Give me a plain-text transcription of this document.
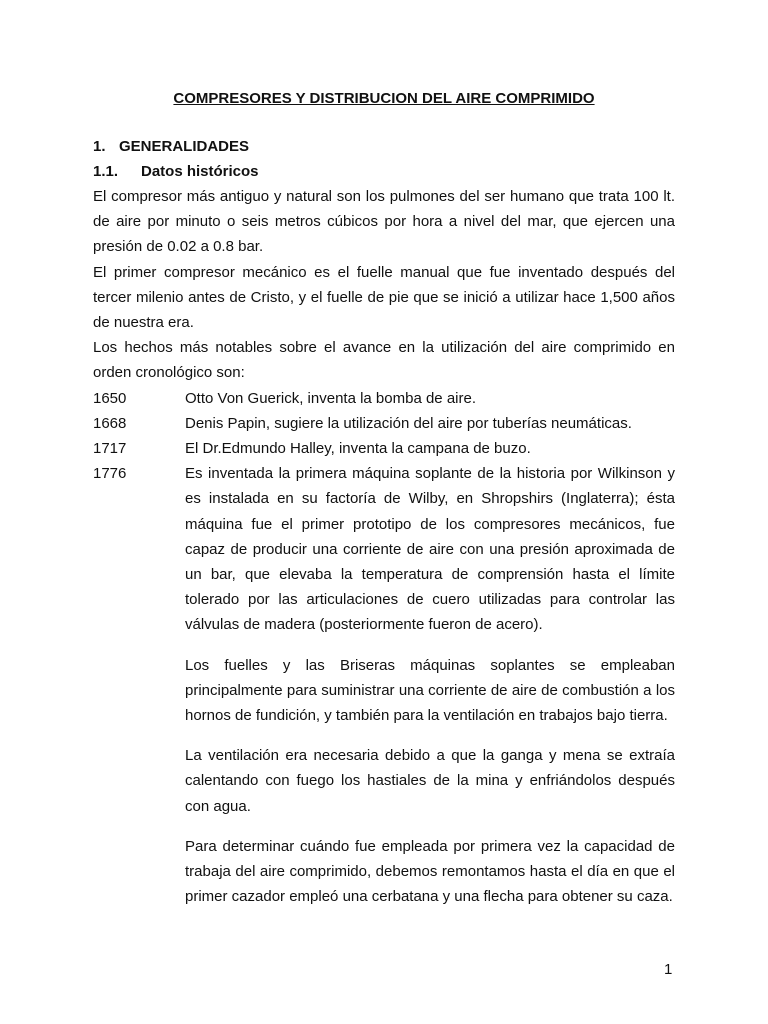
COMPRESORES Y DISTRIBUCION DEL AIRE COMPRIMIDO
1. GENERALIDADES
1.1. Datos históricos

El compresor más antiguo y natural son los pulmones del ser humano que trata 100 lt. de aire por minuto o seis metros cúbicos por hora a nivel del mar, que ejercen una presión de 0.02 a 0.8 bar.

El primer compresor mecánico es el fuelle manual que fue inventado después del tercer milenio antes de Cristo, y el fuelle de pie que se inició a utilizar hace 1,500 años de nuestra era.

Los hechos más notables sobre el avance en la utilización del aire comprimido en orden cronológico son:

1650	Otto Von Guerick, inventa la bomba de aire.
1668	Denis Papin, sugiere la utilización del aire por tuberías neumáticas.
1717	El Dr.Edmundo Halley, inventa la campana de buzo.
1776	Es inventada la primera máquina soplante de la historia por Wilkinson y es instalada en su factoría de Wilby, en Shropshirs (Inglaterra); ésta máquina fue el primer prototipo de los compresores mecánicos, fue capaz de producir una corriente de aire con una presión aproximada de un bar, que elevaba la temperatura de comprensión hasta el límite tolerado por las articulaciones de cuero utilizadas para controlar las válvulas de madera (posteriormente fueron de acero).

Los fuelles y las Briseras máquinas soplantes se empleaban principalmente para suministrar una corriente de aire de combustión a los hornos de fundición, y también para la ventilación en trabajos bajo tierra.

La ventilación era necesaria debido a que la ganga y mena se extraía calentando con fuego los hastiales de la mina y enfriándolos después con agua.

Para determinar cuándo fue empleada por primera vez la capacidad de trabaja del aire comprimido, debemos remontamos hasta el día en que el primer cazador empleó una cerbatana y una flecha para obtener su caza.

1
